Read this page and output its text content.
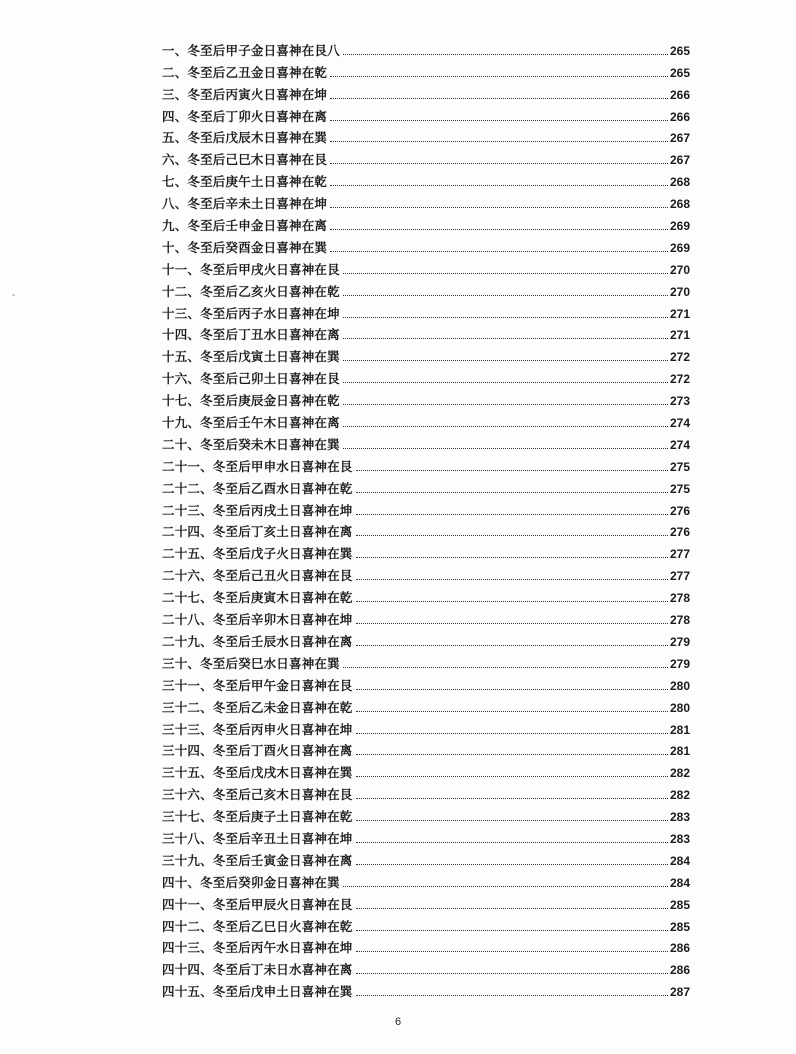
一、冬至后甲子金日喜神在艮八	265
二、冬至后乙丑金日喜神在乾	265
三、冬至后丙寅火日喜神在坤	266
四、冬至后丁卯火日喜神在离	266
五、冬至后戊辰木日喜神在巽	267
六、冬至后己巳木日喜神在艮	267
七、冬至后庚午土日喜神在乾	268
八、冬至后辛未土日喜神在坤	268
九、冬至后壬申金日喜神在离	269
十、冬至后癸酉金日喜神在巽	269
十一、冬至后甲戌火日喜神在艮	270
十二、冬至后乙亥火日喜神在乾	270
十三、冬至后丙子水日喜神在坤	271
十四、冬至后丁丑水日喜神在离	271
十五、冬至后戊寅土日喜神在巽	272
十六、冬至后己卯土日喜神在艮	272
十七、冬至后庚辰金日喜神在乾	273
十九、冬至后壬午木日喜神在离	274
二十、冬至后癸未木日喜神在巽	274
二十一、冬至后甲申水日喜神在艮	275
二十二、冬至后乙酉水日喜神在乾	275
二十三、冬至后丙戌土日喜神在坤	276
二十四、冬至后丁亥土日喜神在离	276
二十五、冬至后戊子火日喜神在巽	277
二十六、冬至后己丑火日喜神在艮	277
二十七、冬至后庚寅木日喜神在乾	278
二十八、冬至后辛卯木日喜神在坤	278
二十九、冬至后壬辰水日喜神在离	279
三十、冬至后癸巳水日喜神在巽	279
三十一、冬至后甲午金日喜神在艮	280
三十二、冬至后乙未金日喜神在乾	280
三十三、冬至后丙申火日喜神在坤	281
三十四、冬至后丁酉火日喜神在离	281
三十五、冬至后戊戌木日喜神在巽	282
三十六、冬至后己亥木日喜神在艮	282
三十七、冬至后庚子土日喜神在乾	283
三十八、冬至后辛丑土日喜神在坤	283
三十九、冬至后壬寅金日喜神在离	284
四十、冬至后癸卯金日喜神在巽	284
四十一、冬至后甲辰火日喜神在艮	285
四十二、冬至后乙巳日火喜神在乾	285
四十三、冬至后丙午水日喜神在坤	286
四十四、冬至后丁未日水喜神在离	286
四十五、冬至后戊申土日喜神在巽	287
6
